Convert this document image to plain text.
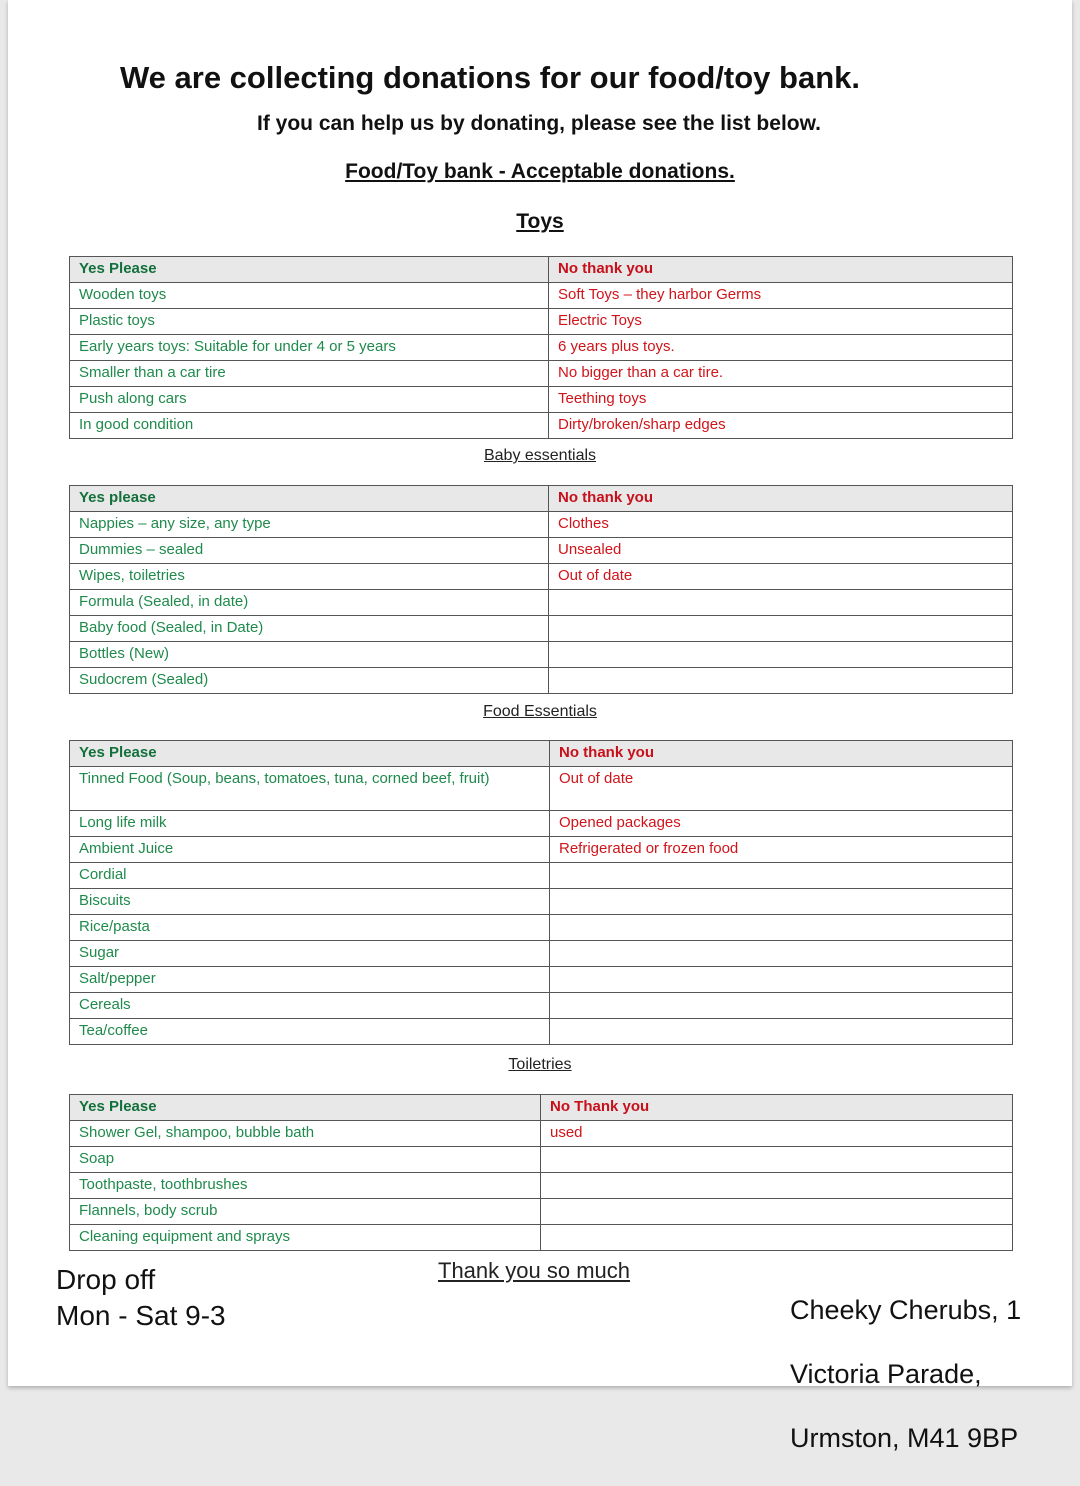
We are collecting donations for our food/toy bank.
If you can help us by donating, please see the list below.
Food/Toy bank - Acceptable donations.
Toys
Yes Please	No thank you
Wooden toys	Soft Toys – they harbor Germs
Plastic toys	Electric Toys
Early years toys: Suitable for under 4 or 5 years	6 years plus toys.
Smaller than a car tire	No bigger than a car tire.
Push along cars	Teething toys
In good condition	Dirty/broken/sharp edges
Baby essentials
Yes please	No thank you
Nappies – any size, any type	Clothes
Dummies – sealed	Unsealed
Wipes, toiletries	Out of date
Formula (Sealed, in date)	
Baby food (Sealed, in Date)	
Bottles (New)	
Sudocrem (Sealed)	
Food Essentials
Yes Please	No thank you
Tinned Food (Soup, beans, tomatoes, tuna, corned beef, fruit)	Out of date
Long life milk	Opened packages
Ambient Juice	Refrigerated or frozen food
Cordial	
Biscuits	
Rice/pasta	
Sugar	
Salt/pepper	
Cereals	
Tea/coffee	
Toiletries
Yes Please	No Thank you
Shower Gel, shampoo, bubble bath	used
Soap	
Toothpaste, toothbrushes	
Flannels, body scrub	
Cleaning equipment and sprays	
Drop off
Mon - Sat 9-3
Thank you so much

Cheeky Cherubs, 1

Victoria Parade,

Urmston, M41 9BP
